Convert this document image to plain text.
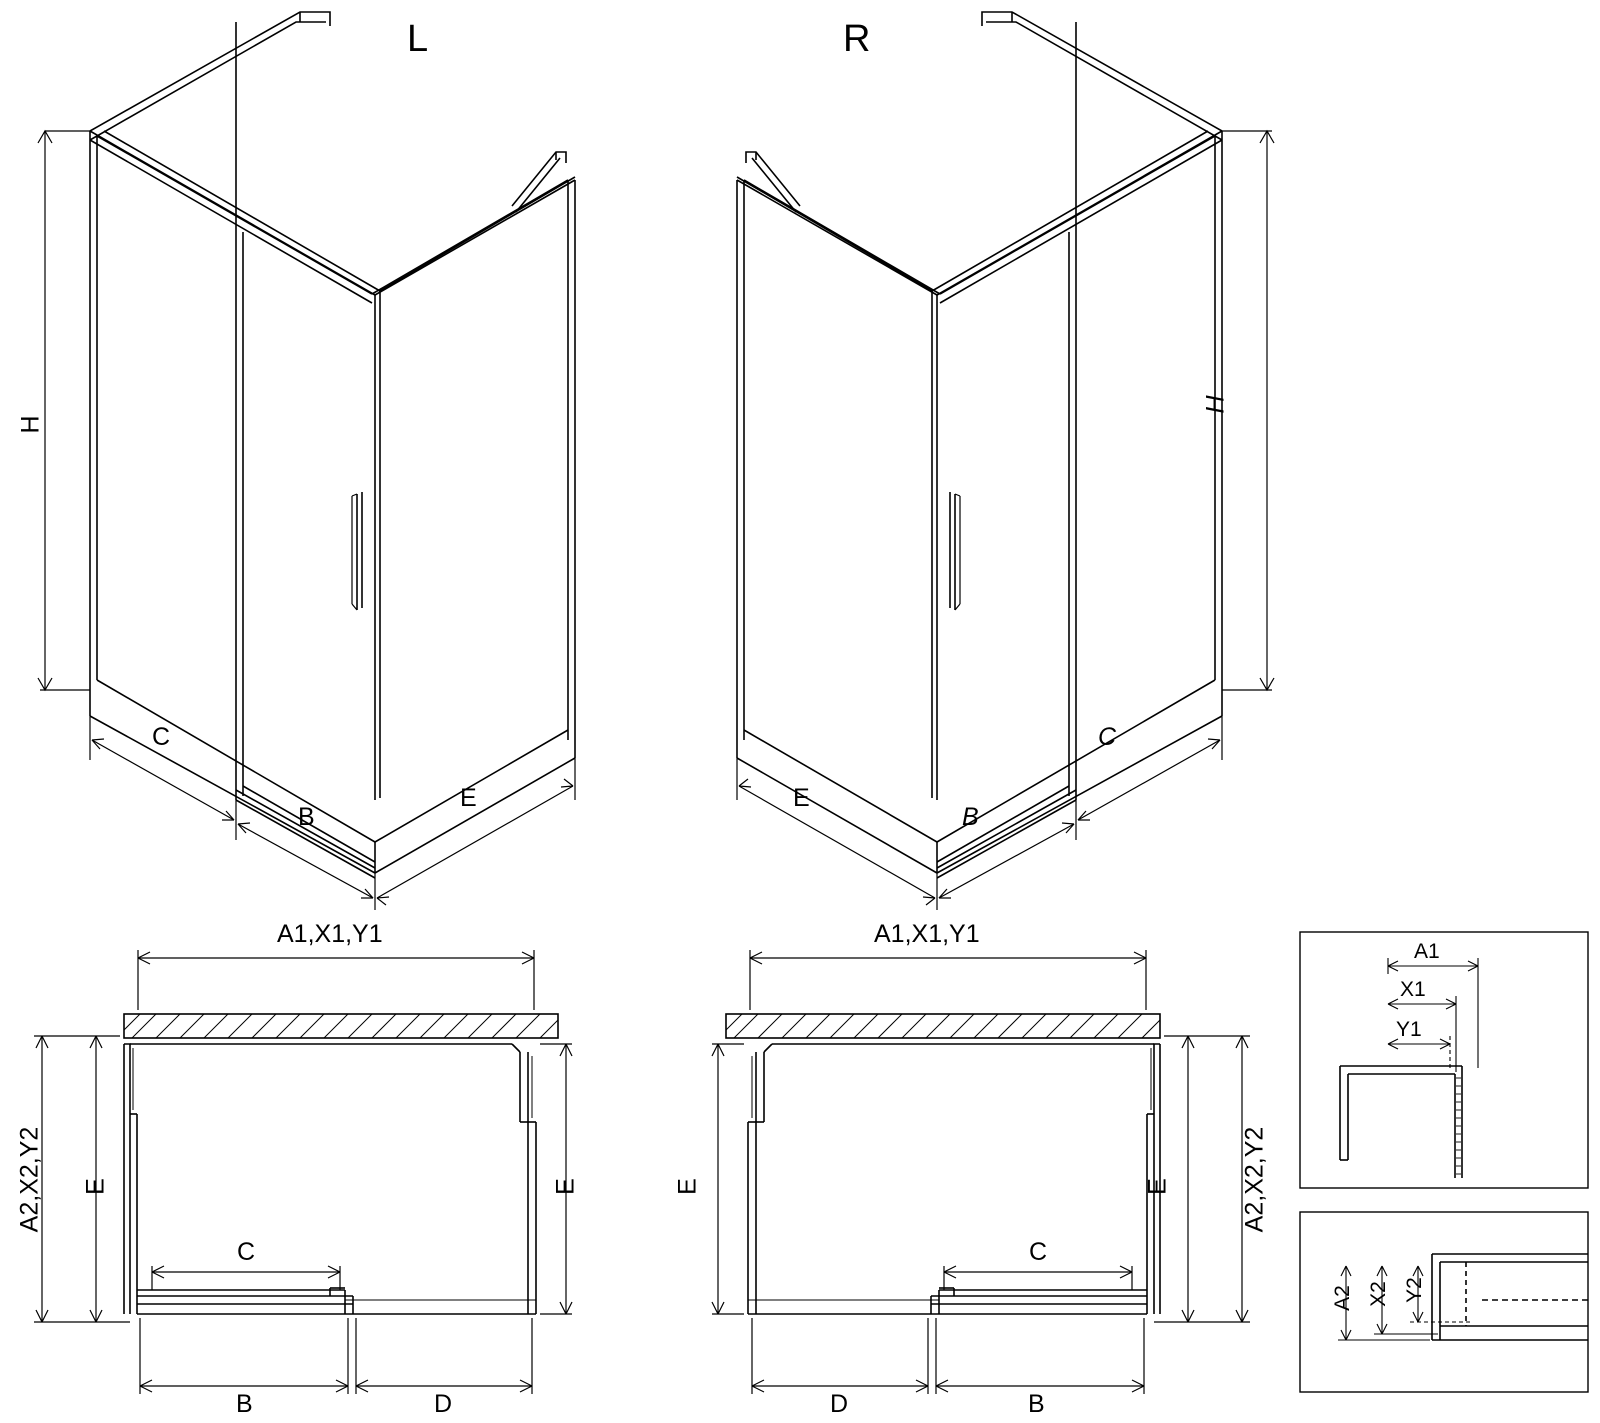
L	R
H
C
B
E
H
C
B
E
A1,X1,Y1
A2,X2,Y2 E	E
C
B	D
A1,X1,Y1
A2,X2,Y2
E	E
C
B
D
A1
X1
Y1
A2 X2 Y2
